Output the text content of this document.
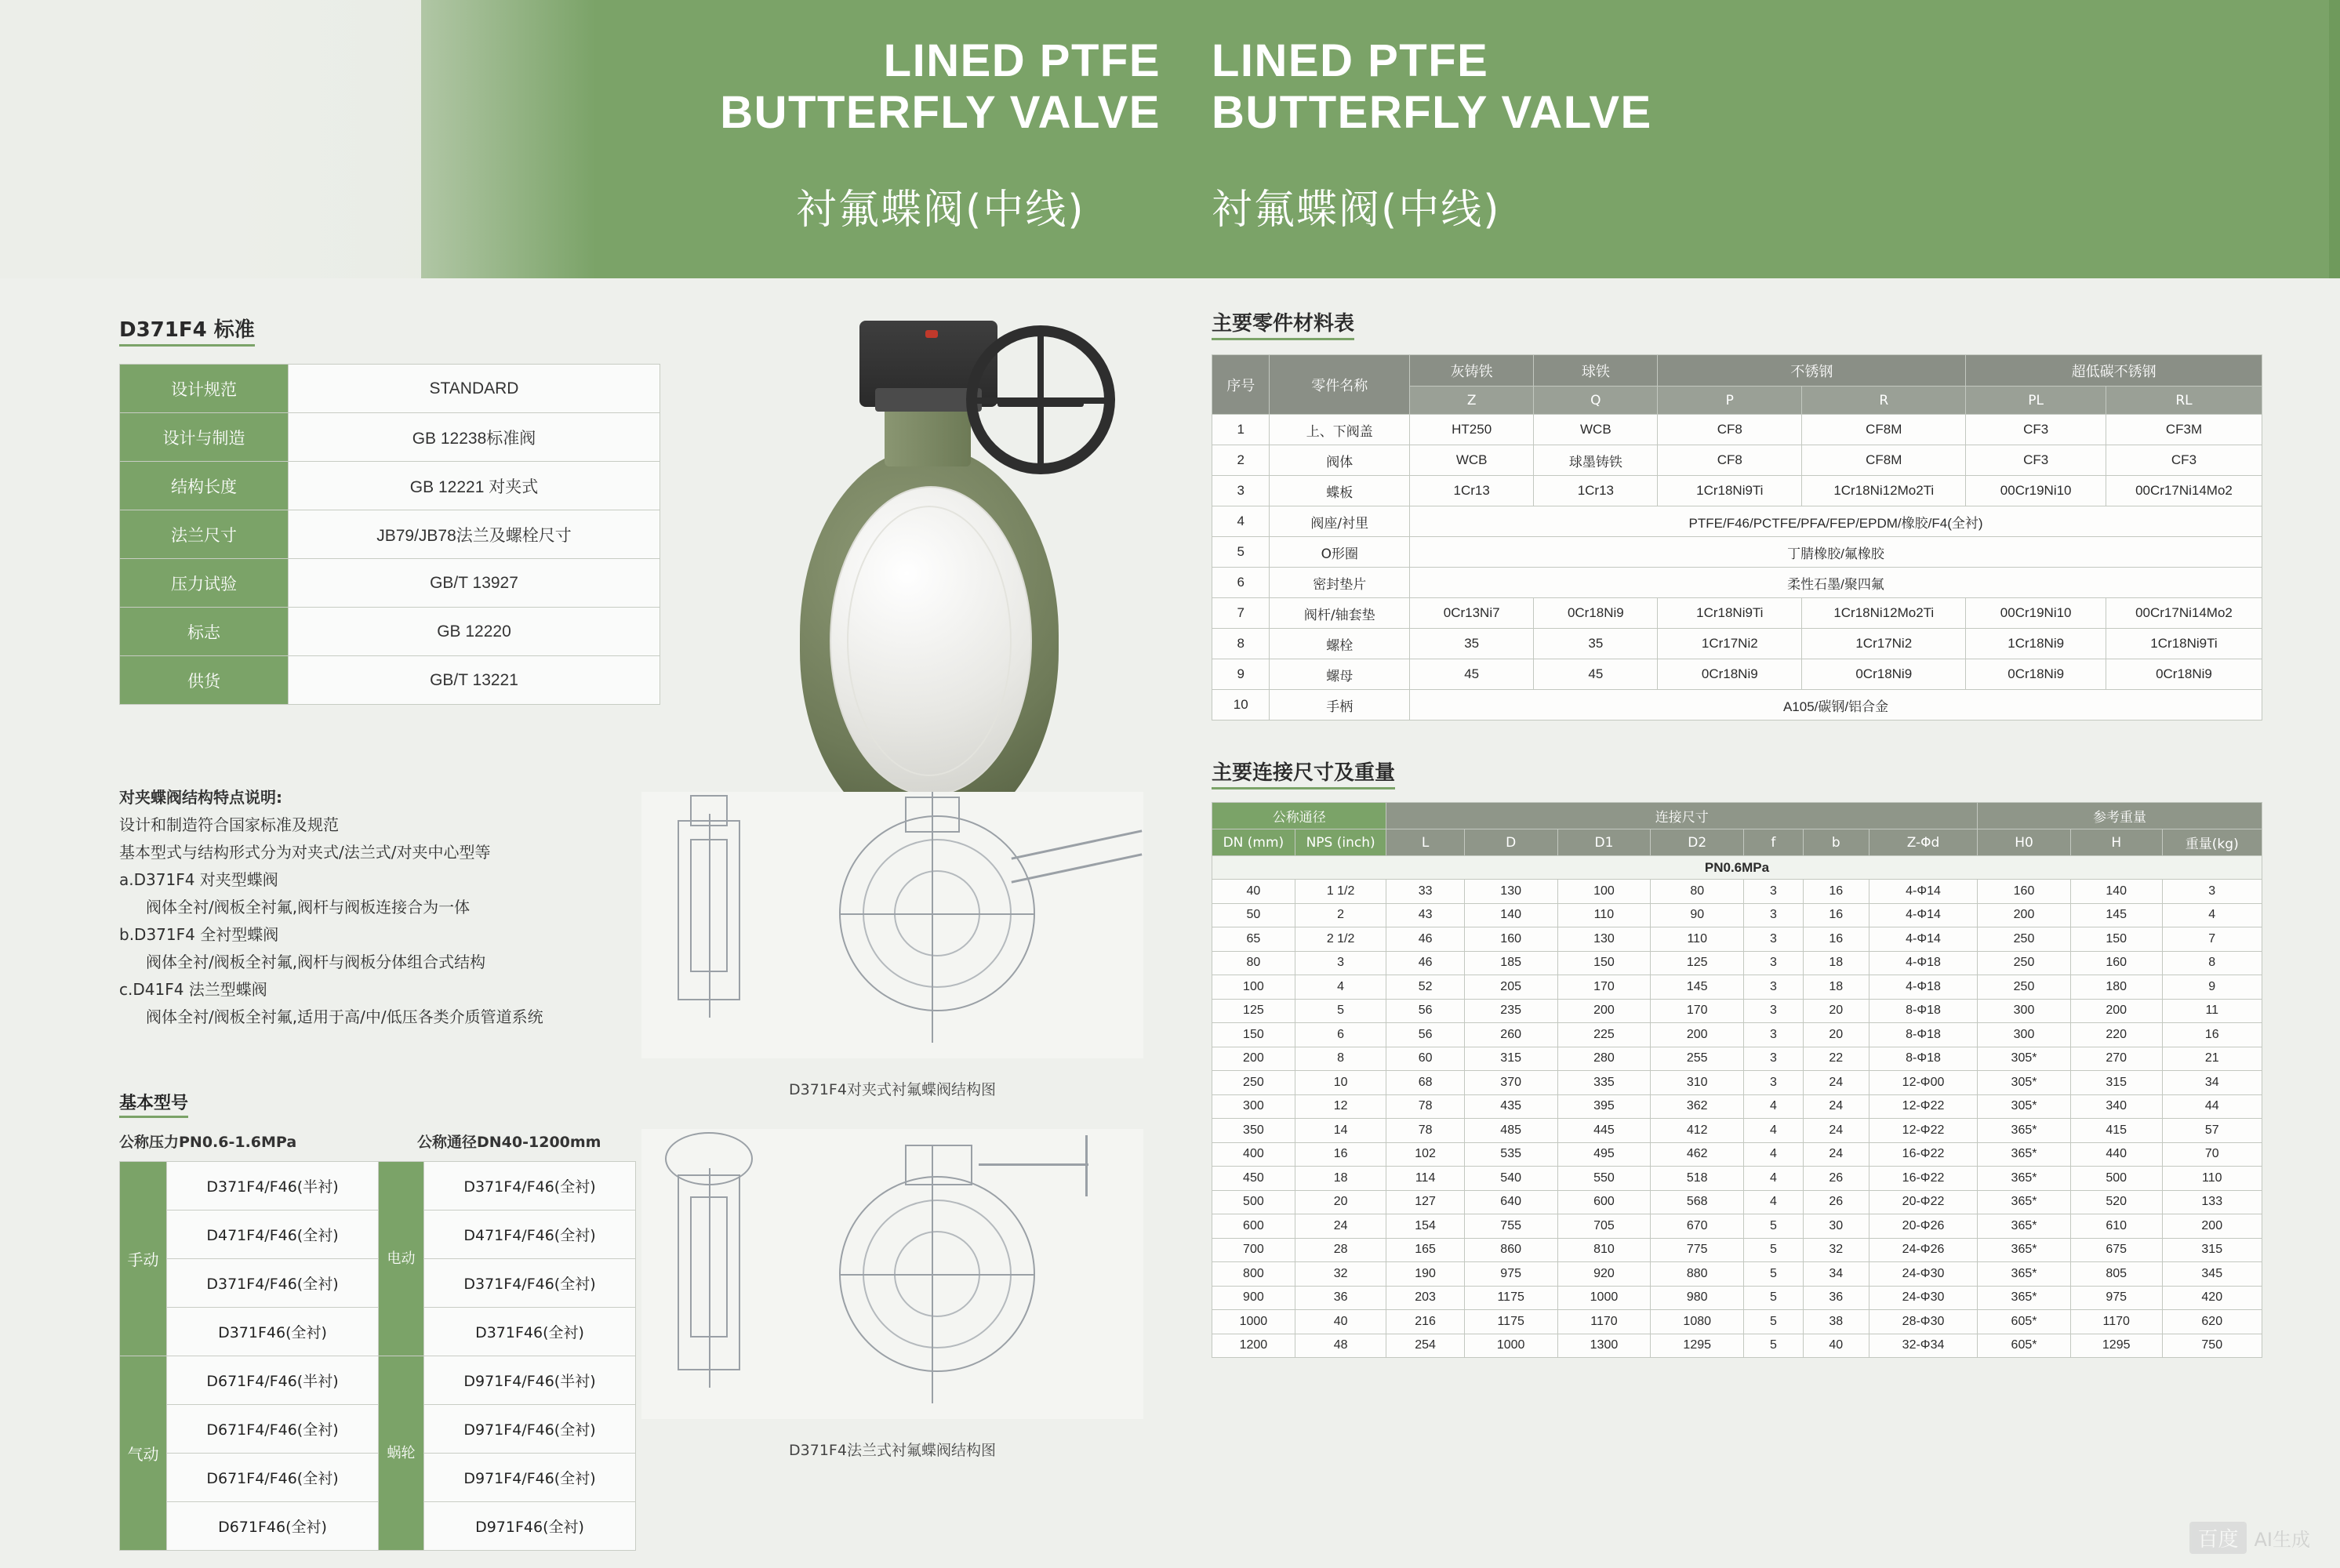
LINED PTFE
BUTTERFLY VALVE
LINED PTFE
BUTTERFLY VALVE
衬氟蝶阀(中线)	衬氟蝶阀(中线)
D371F4 标准
设计规范	STANDARD
设计与制造	GB 12238标准阀
结构长度	GB 12221 对夹式
法兰尺寸	JB79/JB78法兰及螺栓尺寸
压力试验	GB/T 13927
标志	GB 12220
供货	GB/T 13221
对夹蝶阀结构特点说明:
设计和制造符合国家标准及规范
基本型式与结构形式分为对夹式/法兰式/对夹中心型等
a.D371F4 对夹型蝶阀
阀体全衬/阀板全衬氟,阀杆与阀板连接合为一体
b.D371F4 全衬型蝶阀
阀体全衬/阀板全衬氟,阀杆与阀板分体组合式结构
c.D41F4 法兰型蝶阀
阀体全衬/阀板全衬氟,适用于高/中/低压各类介质管道系统
基本型号
公称压力PN0.6-1.6MPa	公称通径DN40-1200mm
手动	D371F4/F46(半衬)	电动	D371F4/F46(全衬)
	D471F4/F46(全衬)		D471F4/F46(全衬)
	D371F4/F46(全衬)		D371F4/F46(全衬)
	D371F46(全衬)		D371F46(全衬)
气动	D671F4/F46(半衬)	蜗轮	D971F4/F46(半衬)
	D671F4/F46(全衬)		D971F4/F46(全衬)
	D671F4/F46(全衬)		D971F4/F46(全衬)
	D671F46(全衬)		D971F46(全衬)
D371F4对夹式衬氟蝶阀结构图
D371F4法兰式衬氟蝶阀结构图
主要零件材料表
序号	零件名称	灰铸铁	球铁	不锈钢		超低碳不锈钢	
		Z	Q	P	R	PL	RL
1	上、下阀盖	HT250	WCB	CF8	CF8M	CF3	CF3M
2	阀体	WCB	球墨铸铁	CF8	CF8M	CF3	CF3
3	蝶板	1Cr13	1Cr13	1Cr18Ni9Ti	1Cr18Ni12Mo2Ti	00Cr19Ni10	00Cr17Ni14Mo2
4	阀座/衬里	PTFE/F46/PCTFE/PFA/FEP/EPDM/橡胶/F4(全衬)					
5	O形圈	丁腈橡胶/氟橡胶					
6	密封垫片	柔性石墨/聚四氟					
7	阀杆/轴套垫	0Cr13Ni7	0Cr18Ni9	1Cr18Ni9Ti	1Cr18Ni12Mo2Ti	00Cr19Ni10	00Cr17Ni14Mo2
8	螺栓	35	35	1Cr17Ni2	1Cr17Ni2	1Cr18Ni9	1Cr18Ni9Ti
9	螺母	45	45	0Cr18Ni9	0Cr18Ni9	0Cr18Ni9	0Cr18Ni9
10	手柄	A105/碳钢/铝合金					
主要连接尺寸及重量
公称通径		连接尺寸							参考重量		
DN (mm)	NPS (inch)	L	D	D1	D2	f	b	Z-Φd	H0	H	重量(kg)
PN0.6MPa											
40	1 1/2	33	130	100	80	3	16	4-Φ14	160	140	3
50	2	43	140	110	90	3	16	4-Φ14	200	145	4
65	2 1/2	46	160	130	110	3	16	4-Φ14	250	150	7
80	3	46	185	150	125	3	18	4-Φ18	250	160	8
100	4	52	205	170	145	3	18	4-Φ18	250	180	9
125	5	56	235	200	170	3	20	8-Φ18	300	200	11
150	6	56	260	225	200	3	20	8-Φ18	300	220	16
200	8	60	315	280	255	3	22	8-Φ18	305*	270	21
250	10	68	370	335	310	3	24	12-Φ00	305*	315	34
300	12	78	435	395	362	4	24	12-Φ22	305*	340	44
350	14	78	485	445	412	4	24	12-Φ22	365*	415	57
400	16	102	535	495	462	4	24	16-Φ22	365*	440	70
450	18	114	540	550	518	4	26	16-Φ22	365*	500	110
500	20	127	640	600	568	4	26	20-Φ22	365*	520	133
600	24	154	755	705	670	5	30	20-Φ26	365*	610	200
700	28	165	860	810	775	5	32	24-Φ26	365*	675	315
800	32	190	975	920	880	5	34	24-Φ30	365*	805	345
900	36	203	1175	1000	980	5	36	24-Φ30	365*	975	420
1000	40	216	1175	1170	1080	5	38	28-Φ30	605*	1170	620
1200	48	254	1000	1300	1295	5	40	32-Φ34	605*	1295	750
百度 AI生成
